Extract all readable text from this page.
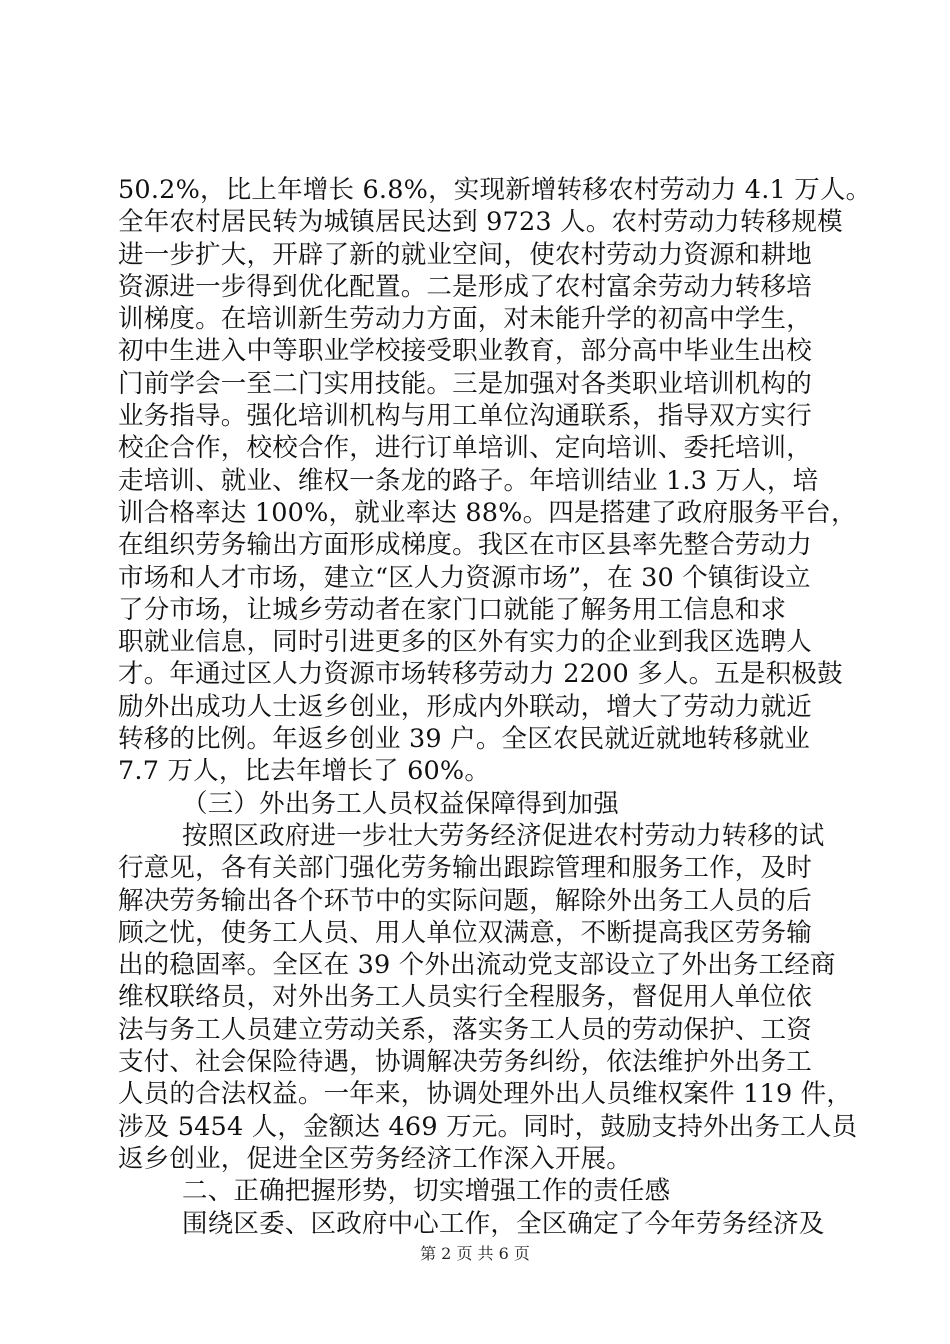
50.2%，比上年增长 6.8%，实现新增转移农村劳动力 4.1 万人。
全年农村居民转为城镇居民达到 9723 人。农村劳动力转移规模
进一步扩大，开辟了新的就业空间，使农村劳动力资源和耕地
资源进一步得到优化配置。二是形成了农村富余劳动力转移培
训梯度。在培训新生劳动力方面，对未能升学的初高中学生，
初中生进入中等职业学校接受职业教育，部分高中毕业生出校
门前学会一至二门实用技能。三是加强对各类职业培训机构的
业务指导。强化培训机构与用工单位沟通联系，指导双方实行
校企合作，校校合作，进行订单培训、定向培训、委托培训，
走培训、就业、维权一条龙的路子。年培训结业 1.3 万人，培
训合格率达 100%，就业率达 88%。四是搭建了政府服务平台，
在组织劳务输出方面形成梯度。我区在市区县率先整合劳动力
市场和人才市场，建立“区人力资源市场”，在 30 个镇街设立
了分市场，让城乡劳动者在家门口就能了解务用工信息和求
职就业信息，同时引进更多的区外有实力的企业到我区选聘人
才。年通过区人力资源市场转移劳动力 2200 多人。五是积极鼓
励外出成功人士返乡创业，形成内外联动，增大了劳动力就近
转移的比例。年返乡创业 39 户。全区农民就近就地转移就业
7.7 万人，比去年增长了 60%。
（三）外出务工人员权益保障得到加强
按照区政府进一步壮大劳务经济促进农村劳动力转移的试
行意见，各有关部门强化劳务输出跟踪管理和服务工作，及时
解决劳务输出各个环节中的实际问题，解除外出务工人员的后
顾之忧，使务工人员、用人单位双满意，不断提高我区劳务输
出的稳固率。全区在 39 个外出流动党支部设立了外出务工经商
维权联络员，对外出务工人员实行全程服务，督促用人单位依
法与务工人员建立劳动关系，落实务工人员的劳动保护、工资
支付、社会保险待遇，协调解决劳务纠纷，依法维护外出务工
人员的合法权益。一年来，协调处理外出人员维权案件 119 件，
涉及 5454 人，金额达 469 万元。同时，鼓励支持外出务工人员
返乡创业，促进全区劳务经济工作深入开展。
二、正确把握形势，切实增强工作的责任感
围绕区委、区政府中心工作，全区确定了今年劳务经济及
第 2 页 共 6 页
